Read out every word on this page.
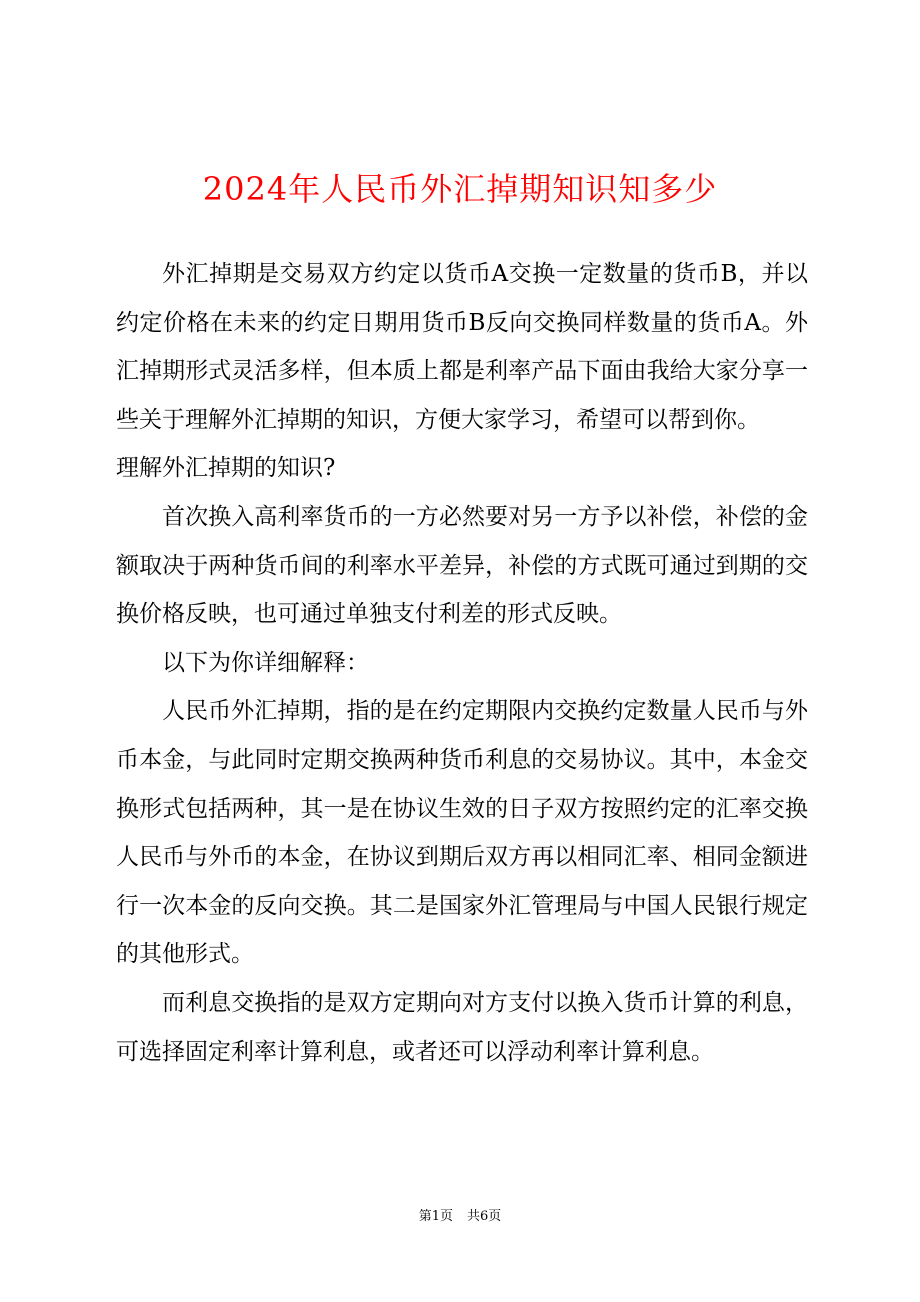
2024年人民币外汇掉期知识知多少

外汇掉期是交易双方约定以货币A交换一定数量的货币B，并以约定价格在未来的约定日期用货币B反向交换同样数量的货币A。外汇掉期形式灵活多样，但本质上都是利率产品下面由我给大家分享一些关于理解外汇掉期的知识，方便大家学习，希望可以帮到你。

理解外汇掉期的知识?

首次换入高利率货币的一方必然要对另一方予以补偿，补偿的金额取决于两种货币间的利率水平差异，补偿的方式既可通过到期的交换价格反映，也可通过单独支付利差的形式反映。

以下为你详细解释：

人民币外汇掉期，指的是在约定期限内交换约定数量人民币与外币本金，与此同时定期交换两种货币利息的交易协议。其中，本金交换形式包括两种，其一是在协议生效的日子双方按照约定的汇率交换人民币与外币的本金，在协议到期后双方再以相同汇率、相同金额进行一次本金的反向交换。其二是国家外汇管理局与中国人民银行规定的其他形式。

而利息交换指的是双方定期向对方支付以换入货币计算的利息，可选择固定利率计算利息，或者还可以浮动利率计算利息。

第1页 共6页
